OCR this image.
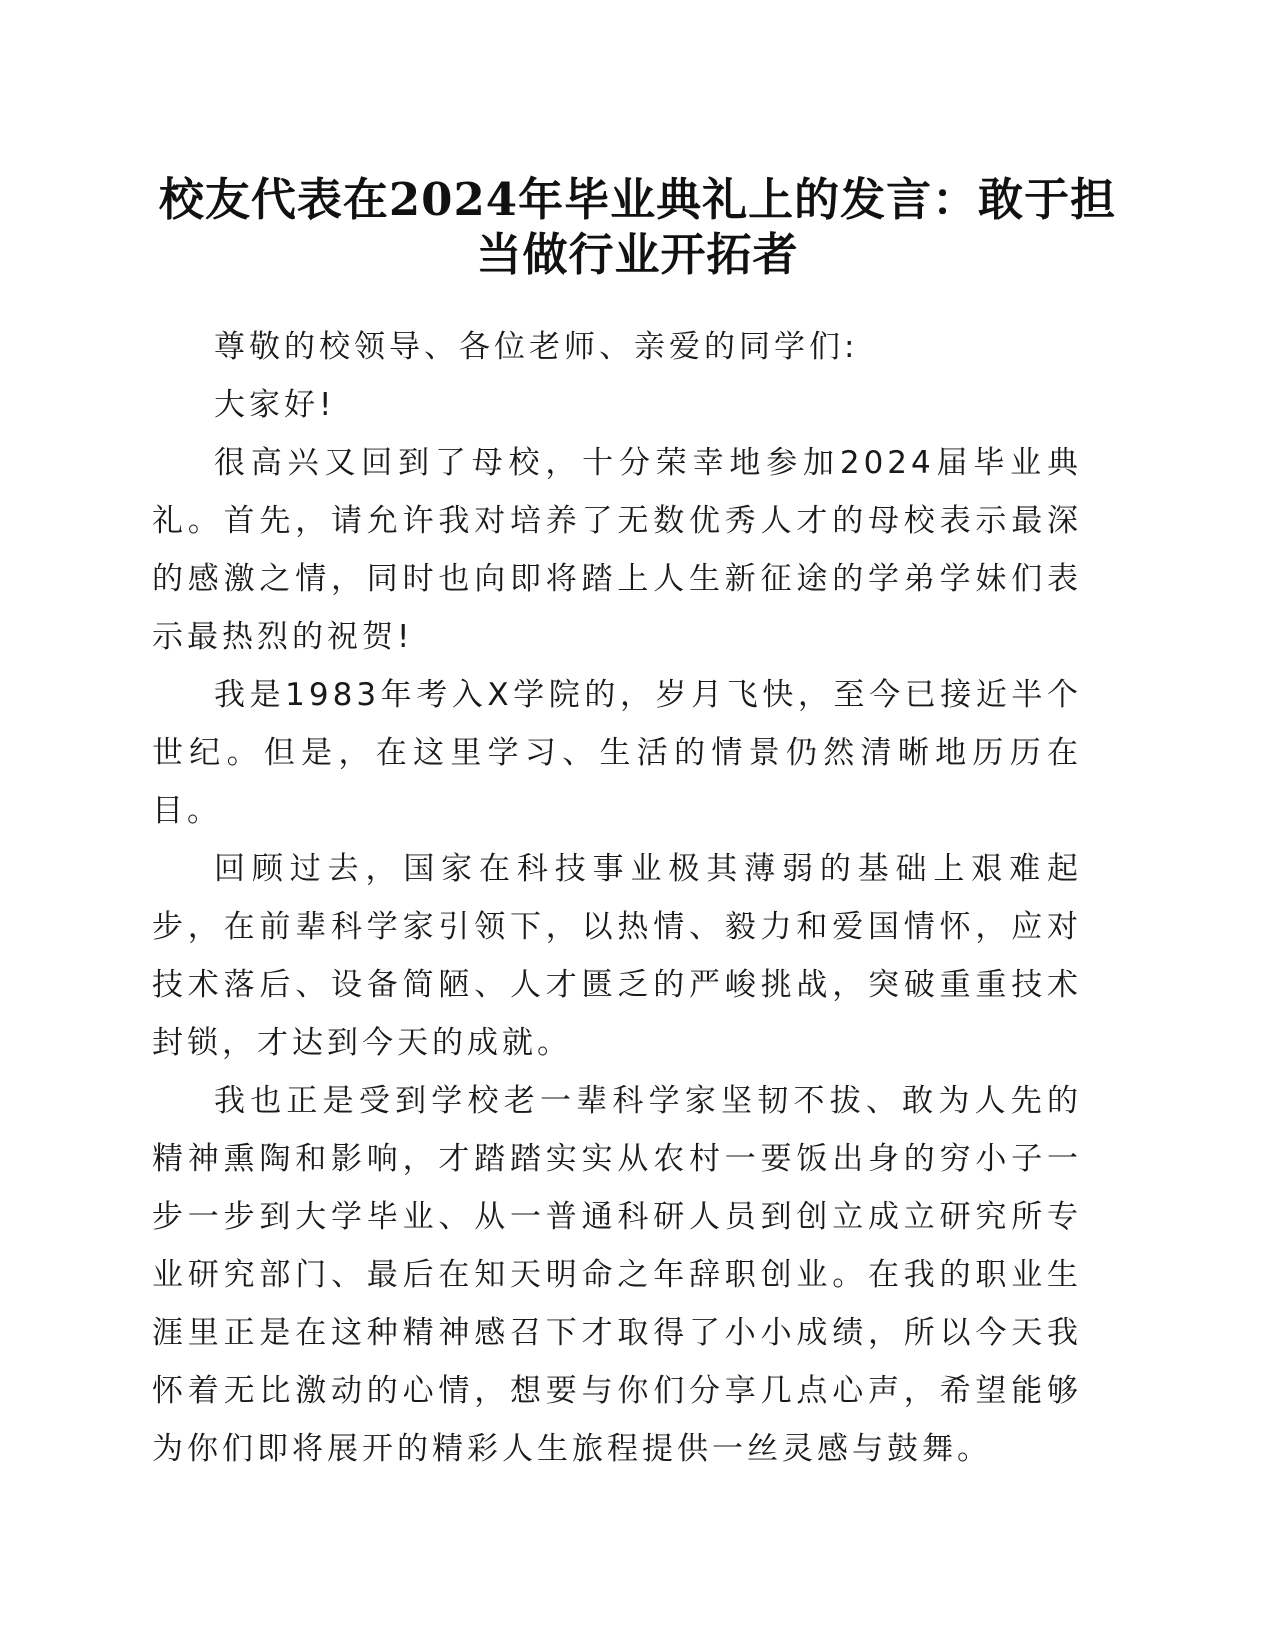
校友代表在2024年毕业典礼上的发言：敢于担当做行业开拓者

尊敬的校领导、各位老师、亲爱的同学们:

大家好!

很高兴又回到了母校，十分荣幸地参加2024届毕业典礼。首先，请允许我对培养了无数优秀人才的母校表示最深的感激之情，同时也向即将踏上人生新征途的学弟学妹们表示最热烈的祝贺!

我是1983年考入X学院的，岁月飞快，至今已接近半个世纪。但是，在这里学习、生活的情景仍然清晰地历历在目。

回顾过去，国家在科技事业极其薄弱的基础上艰难起步，在前辈科学家引领下，以热情、毅力和爱国情怀，应对技术落后、设备简陋、人才匮乏的严峻挑战，突破重重技术封锁，才达到今天的成就。

我也正是受到学校老一辈科学家坚韧不拔、敢为人先的精神熏陶和影响，才踏踏实实从农村一要饭出身的穷小子一步一步到大学毕业、从一普通科研人员到创立成立研究所专业研究部门、最后在知天明命之年辞职创业。在我的职业生涯里正是在这种精神感召下才取得了小小成绩，所以今天我怀着无比激动的心情，想要与你们分享几点心声，希望能够为你们即将展开的精彩人生旅程提供一丝灵感与鼓舞。
